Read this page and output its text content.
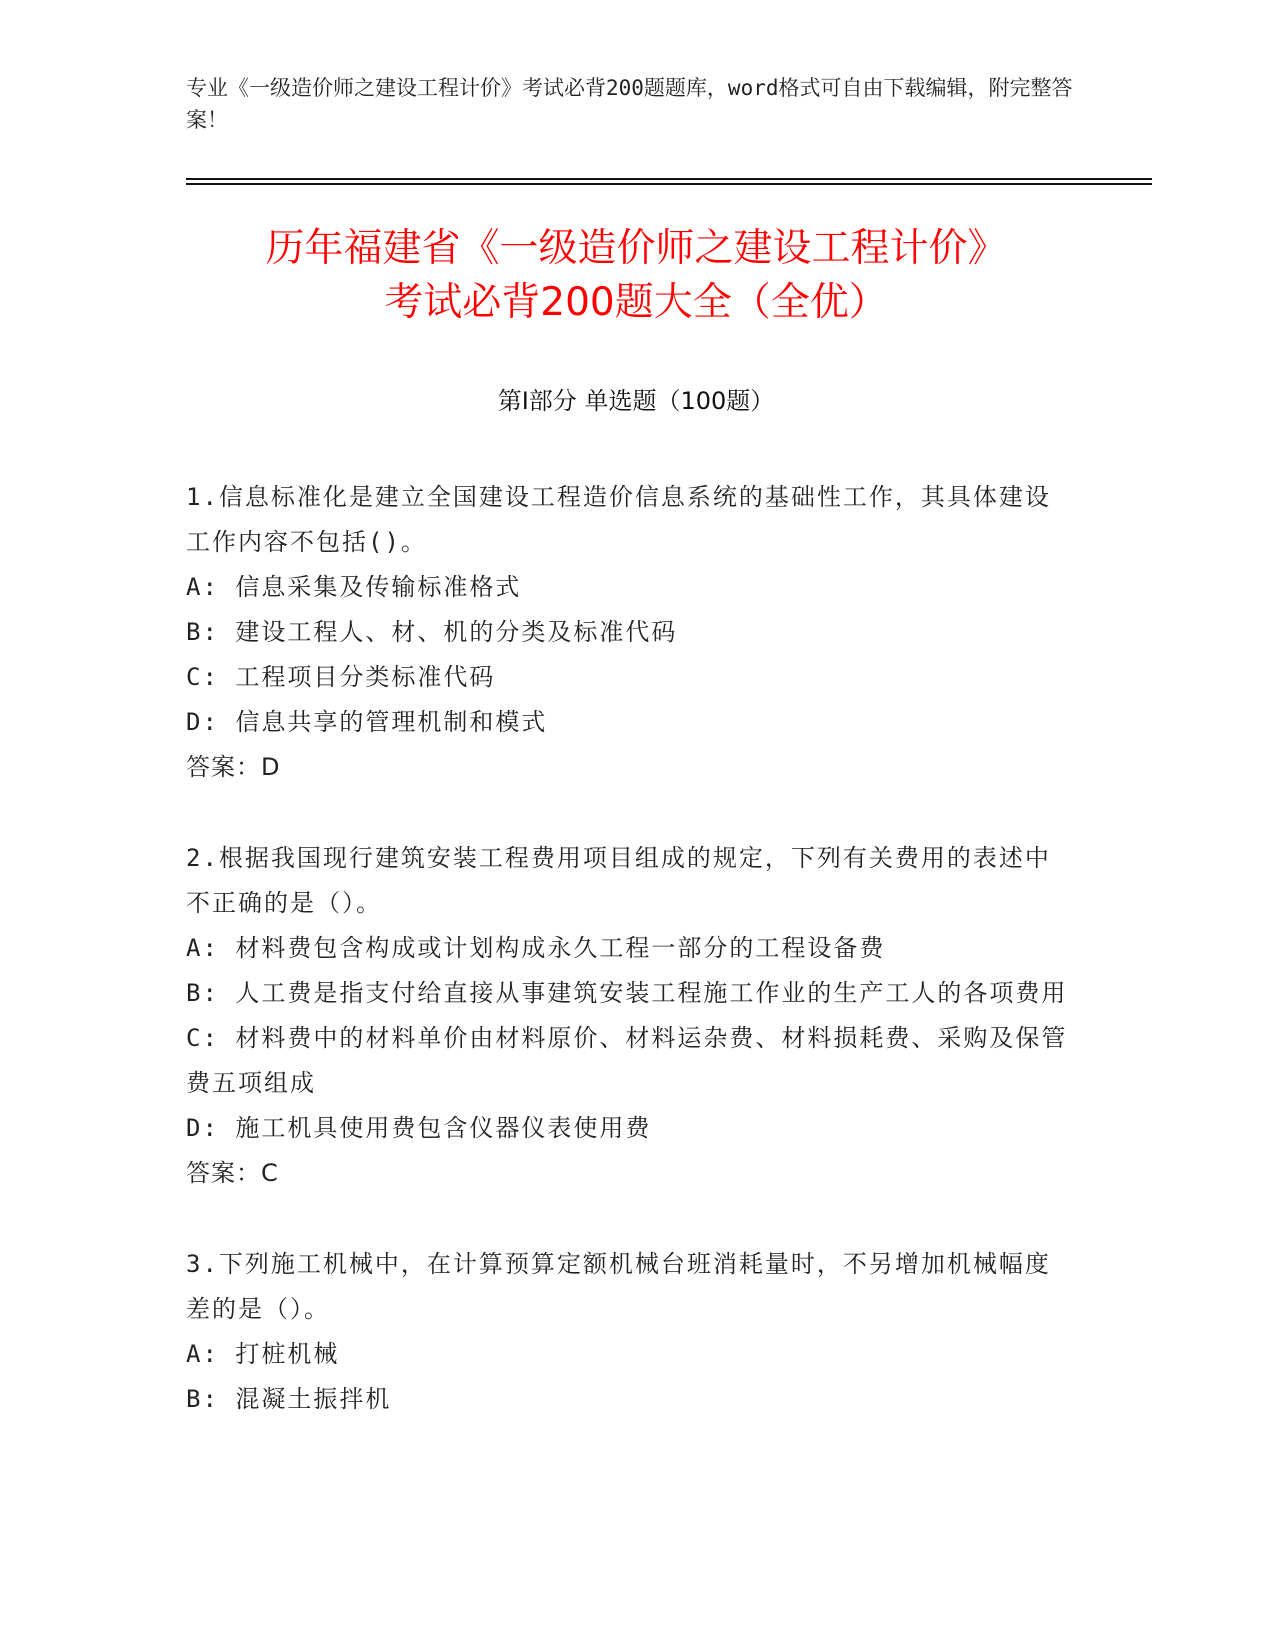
专业《一级造价师之建设工程计价》考试必背200题题库，word格式可自由下载编辑，附完整答案！
历年福建省《一级造价师之建设工程计价》
考试必背200题大全（全优）
第I部分 单选题（100题）

1.信息标准化是建立全国建设工程造价信息系统的基础性工作，其具体建设工作内容不包括()。

A: 信息采集及传输标准格式

B: 建设工程人、材、机的分类及标准代码

C: 工程项目分类标准代码

D: 信息共享的管理机制和模式

答案：D

2.根据我国现行建筑安装工程费用项目组成的规定，下列有关费用的表述中不正确的是（）。

A: 材料费包含构成或计划构成永久工程一部分的工程设备费

B: 人工费是指支付给直接从事建筑安装工程施工作业的生产工人的各项费用

C: 材料费中的材料单价由材料原价、材料运杂费、材料损耗费、采购及保管费五项组成

D: 施工机具使用费包含仪器仪表使用费

答案：C

3.下列施工机械中，在计算预算定额机械台班消耗量时，不另增加机械幅度差的是（）。

A: 打桩机械

B: 混凝土振拌机
